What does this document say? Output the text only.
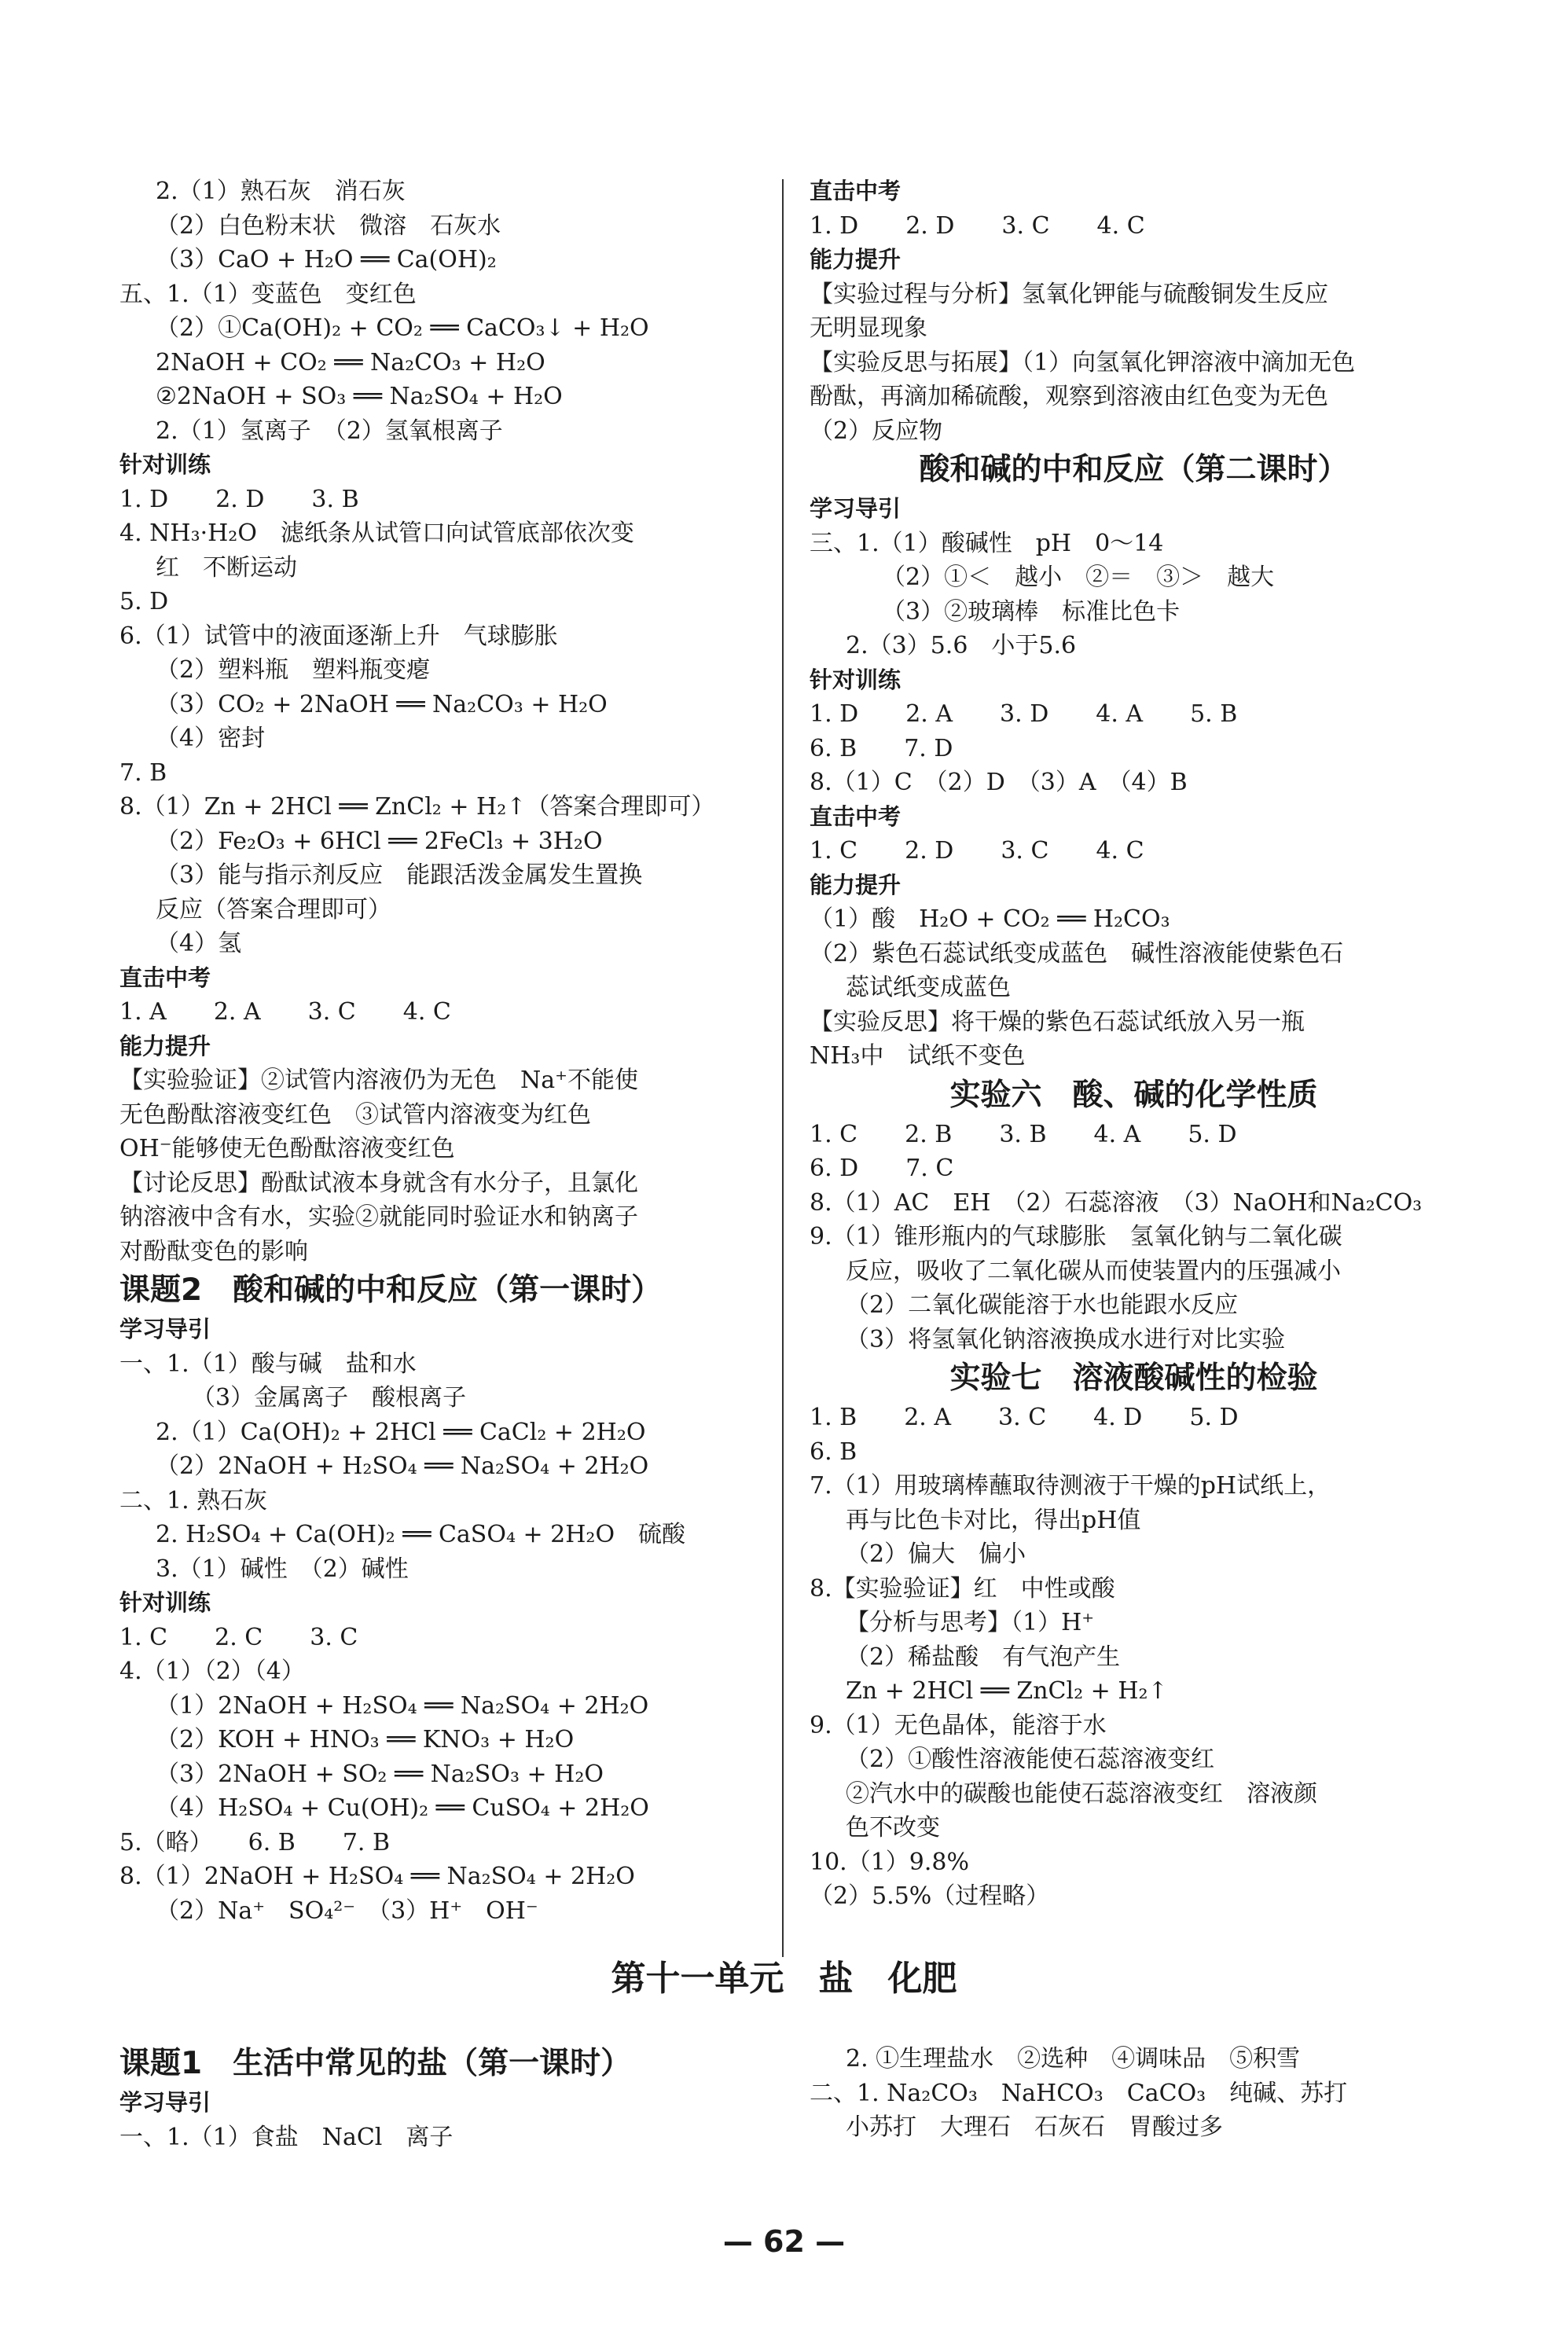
2.（1）熟石灰　消石灰
（2）白色粉末状　微溶　石灰水
（3）CaO + H₂O ══ Ca(OH)₂
五、1.（1）变蓝色　变红色
（2）①Ca(OH)₂ + CO₂ ══ CaCO₃↓ + H₂O
2NaOH + CO₂ ══ Na₂CO₃ + H₂O
②2NaOH + SO₃ ══ Na₂SO₄ + H₂O
2.（1）氢离子　（2）氢氧根离子
针对训练
1. D　　2. D　　3. B
4. NH₃·H₂O　滤纸条从试管口向试管底部依次变
红　不断运动
5. D
6.（1）试管中的液面逐渐上升　气球膨胀
（2）塑料瓶　塑料瓶变瘪
（3）CO₂ + 2NaOH ══ Na₂CO₃ + H₂O
（4）密封
7. B
8.（1）Zn + 2HCl ══ ZnCl₂ + H₂↑（答案合理即可）
（2）Fe₂O₃ + 6HCl ══ 2FeCl₃ + 3H₂O
（3）能与指示剂反应　能跟活泼金属发生置换
反应（答案合理即可）
（4）氢
直击中考
1. A　　2. A　　3. C　　4. C
能力提升
【实验验证】②试管内溶液仍为无色　Na⁺不能使
无色酚酞溶液变红色　③试管内溶液变为红色
OH⁻能够使无色酚酞溶液变红色
【讨论反思】酚酞试液本身就含有水分子，且氯化
钠溶液中含有水，实验②就能同时验证水和钠离子
对酚酞变色的影响
课题2　酸和碱的中和反应（第一课时）
学习导引
一、1.（1）酸与碱　盐和水
（3）金属离子　酸根离子
2.（1）Ca(OH)₂ + 2HCl ══ CaCl₂ + 2H₂O
（2）2NaOH + H₂SO₄ ══ Na₂SO₄ + 2H₂O
二、1. 熟石灰
2. H₂SO₄ + Ca(OH)₂ ══ CaSO₄ + 2H₂O　硫酸
3.（1）碱性　（2）碱性
针对训练
1. C　　2. C　　3. C
4.（1）（2）（4）
（1）2NaOH + H₂SO₄ ══ Na₂SO₄ + 2H₂O
（2）KOH + HNO₃ ══ KNO₃ + H₂O
（3）2NaOH + SO₂ ══ Na₂SO₃ + H₂O
（4）H₂SO₄ + Cu(OH)₂ ══ CuSO₄ + 2H₂O
5.（略）　　6. B　　7. B
8.（1）2NaOH + H₂SO₄ ══ Na₂SO₄ + 2H₂O
（2）Na⁺　SO₄²⁻　（3）H⁺　OH⁻
直击中考
1. D　　2. D　　3. C　　4. C
能力提升
【实验过程与分析】氢氧化钾能与硫酸铜发生反应
无明显现象
【实验反思与拓展】（1）向氢氧化钾溶液中滴加无色
酚酞，再滴加稀硫酸，观察到溶液由红色变为无色
（2）反应物
酸和碱的中和反应（第二课时）
学习导引
三、1.（1）酸碱性　pH　0～14
（2）①＜　越小　②＝　③＞　越大
（3）②玻璃棒　标准比色卡
2.（3）5.6　小于5.6
针对训练
1. D　　2. A　　3. D　　4. A　　5. B
6. B　　7. D
8.（1）C　（2）D　（3）A　（4）B
直击中考
1. C　　2. D　　3. C　　4. C
能力提升
（1）酸　H₂O + CO₂ ══ H₂CO₃
（2）紫色石蕊试纸变成蓝色　碱性溶液能使紫色石
蕊试纸变成蓝色
【实验反思】将干燥的紫色石蕊试纸放入另一瓶
NH₃中　试纸不变色
实验六　酸、碱的化学性质
1. C　　2. B　　3. B　　4. A　　5. D
6. D　　7. C
8.（1）AC　EH　（2）石蕊溶液　（3）NaOH和Na₂CO₃
9.（1）锥形瓶内的气球膨胀　氢氧化钠与二氧化碳
反应，吸收了二氧化碳从而使装置内的压强减小
（2）二氧化碳能溶于水也能跟水反应
（3）将氢氧化钠溶液换成水进行对比实验
实验七　溶液酸碱性的检验
1. B　　2. A　　3. C　　4. D　　5. D
6. B
7.（1）用玻璃棒蘸取待测液于干燥的pH试纸上，
再与比色卡对比，得出pH值
（2）偏大　偏小
8.【实验验证】红　中性或酸
【分析与思考】（1）H⁺
（2）稀盐酸　有气泡产生
Zn + 2HCl ══ ZnCl₂ + H₂↑
9.（1）无色晶体，能溶于水
（2）①酸性溶液能使石蕊溶液变红
②汽水中的碳酸也能使石蕊溶液变红　溶液颜
色不改变
10.（1）9.8%
（2）5.5%（过程略）
第十一单元　盐　化肥
课题1　生活中常见的盐（第一课时）
学习导引
一、1.（1）食盐　NaCl　离子
2. ①生理盐水　②选种　④调味品　⑤积雪
二、1. Na₂CO₃　NaHCO₃　CaCO₃　纯碱、苏打
小苏打　大理石　石灰石　胃酸过多
— 62 —
